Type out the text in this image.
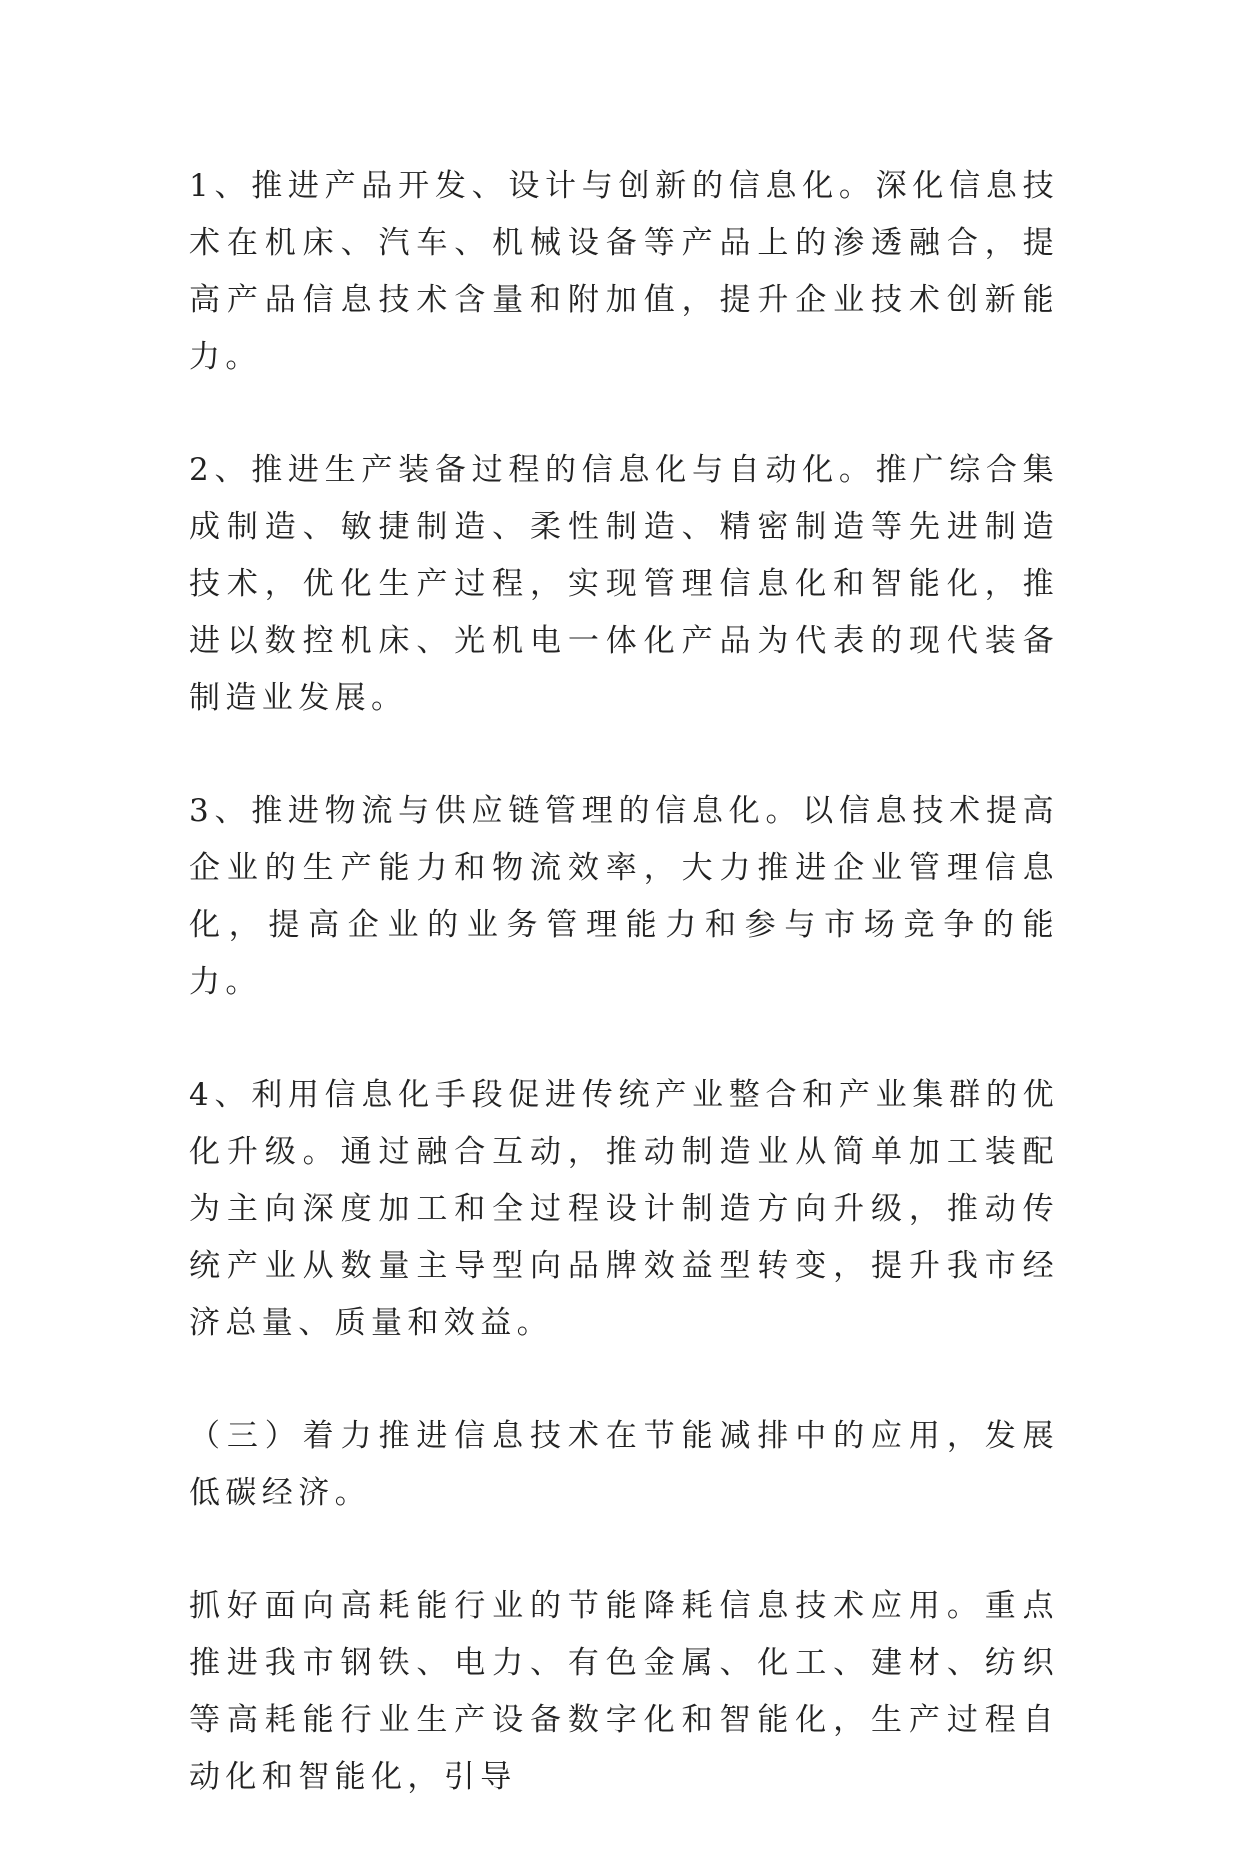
1、推进产品开发、设计与创新的信息化。深化信息技术在机床、汽车、机械设备等产品上的渗透融合，提高产品信息技术含量和附加值，提升企业技术创新能力。

2、推进生产装备过程的信息化与自动化。推广综合集成制造、敏捷制造、柔性制造、精密制造等先进制造技术，优化生产过程，实现管理信息化和智能化，推进以数控机床、光机电一体化产品为代表的现代装备制造业发展。

3、推进物流与供应链管理的信息化。以信息技术提高企业的生产能力和物流效率，大力推进企业管理信息化，提高企业的业务管理能力和参与市场竞争的能力。

4、利用信息化手段促进传统产业整合和产业集群的优化升级。通过融合互动，推动制造业从简单加工装配为主向深度加工和全过程设计制造方向升级，推动传统产业从数量主导型向品牌效益型转变，提升我市经济总量、质量和效益。

（三）着力推进信息技术在节能减排中的应用，发展低碳经济。

抓好面向高耗能行业的节能降耗信息技术应用。重点推进我市钢铁、电力、有色金属、化工、建材、纺织等高耗能行业生产设备数字化和智能化，生产过程自动化和智能化，引导
